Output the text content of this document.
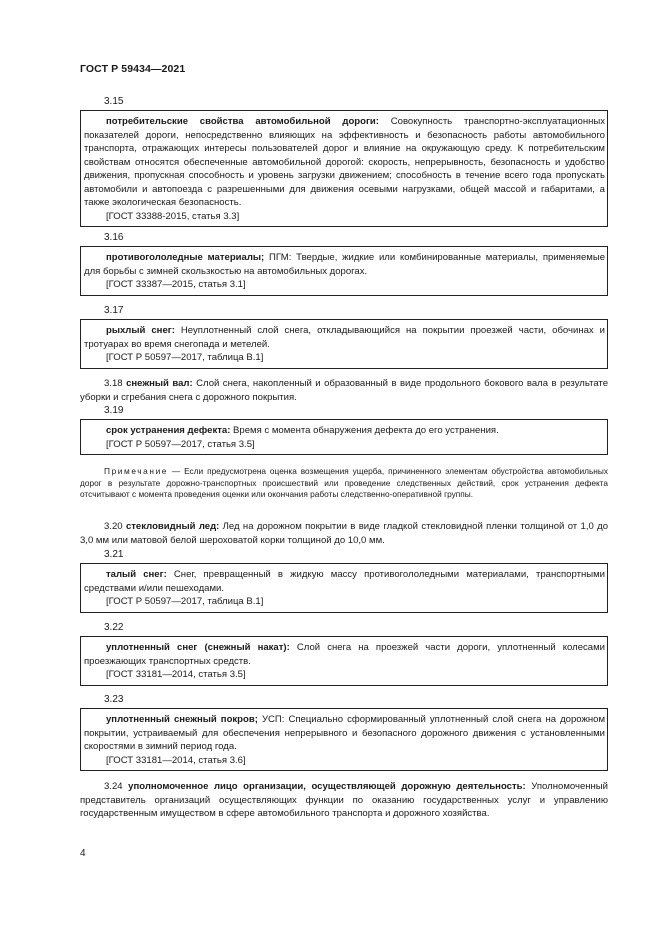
ГОСТ Р 59434—2021
3.15

потребительские свойства автомобильной дороги: Совокупность транспортно-эксплуатационных показателей дороги, непосредственно влияющих на эффективность и безопасность работы автомобильного транспорта, отражающих интересы пользователей дорог и влияние на окружающую среду. К потребительским свойствам относятся обеспеченные автомобильной дорогой: скорость, непрерывность, безопасность и удобство движения, пропускная способность и уровень загрузки движением; способность в течение всего года пропускать автомобили и автопоезда с разрешенными для движения осевыми нагрузками, общей массой и габаритами, а также экологическая безопасность.

[ГОСТ 33388-2015, статья 3.3]

3.16

противогололедные материалы; ПГМ: Твердые, жидкие или комбинированные материалы, применяемые для борьбы с зимней скользкостью на автомобильных дорогах.

[ГОСТ 33387—2015, статья 3.1]

3.17

рыхлый снег: Неуплотненный слой снега, откладывающийся на покрытии проезжей части, обочинах и тротуарах во время снегопада и метелей.

[ГОСТ Р 50597—2017, таблица В.1]

3.18 снежный вал: Слой снега, накопленный и образованный в виде продольного бокового вала в результате уборки и сгребания снега с дорожного покрытия.

3.19

срок устранения дефекта: Время с момента обнаружения дефекта до его устранения.

[ГОСТ Р 50597—2017, статья 3.5]

Примечание — Если предусмотрена оценка возмещения ущерба, причиненного элементам обустройства автомобильных дорог в результате дорожно-транспортных происшествий или проведение следственных действий, срок устранения дефекта отсчитывают с момента проведения оценки или окончания работы следственно-оперативной группы.

3.20 стекловидный лед: Лед на дорожном покрытии в виде гладкой стекловидной пленки толщиной от 1,0 до 3,0 мм или матовой белой шероховатой корки толщиной до 10,0 мм.

3.21

талый снег: Снег, превращенный в жидкую массу противогололедными материалами, транспортными средствами и/или пешеходами.

[ГОСТ Р 50597—2017, таблица В.1]

3.22

уплотненный снег (снежный накат): Слой снега на проезжей части дороги, уплотненный колесами проезжающих транспортных средств.

[ГОСТ 33181—2014, статья 3.5]

3.23

уплотненный снежный покров; УСП: Специально сформированный уплотненный слой снега на дорожном покрытии, устраиваемый для обеспечения непрерывного и безопасного дорожного движения с установленными скоростями в зимний период года.

[ГОСТ 33181—2014, статья 3.6]

3.24 уполномоченное лицо организации, осуществляющей дорожную деятельность: Уполномоченный представитель организаций осуществляющих функции по оказанию государственных услуг и управлению государственным имуществом в сфере автомобильного транспорта и дорожного хозяйства.

4
